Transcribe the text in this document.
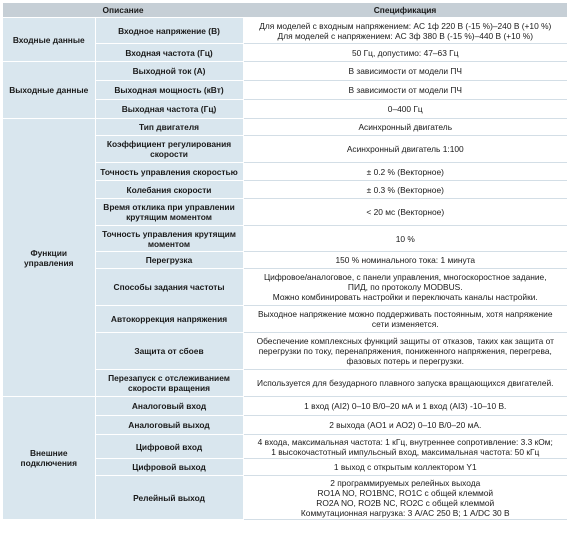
Описание		Спецификация
Входные данные	Входное напряжение (В)	Для моделей с входным напряжением: AC 1ф 220 В (-15 %)–240 В (+10 %)
Для моделей с напряжением: AC 3ф 380 В (-15 %)–440 В (+10 %)
	Входная частота (Гц)	50 Гц, допустимо: 47–63 Гц
Выходные данные	Выходной ток (А)	В зависимости от модели ПЧ
	Выходная мощность (кВт)	В зависимости от модели ПЧ
	Выходная частота (Гц)	0–400 Гц
Функции управления	Тип двигателя	Асинхронный двигатель
	Коэффициент регулирования скорости	Асинхронный двигатель 1:100
	Точность управления скоростью	± 0.2 % (Векторное)
	Колебания скорости	± 0.3 % (Векторное)
	Время отклика при управлении крутящим моментом	< 20 мс (Векторное)
	Точность управления крутящим моментом	10 %
	Перегрузка	150 % номинального тока: 1 минута
	Способы задания частоты	Цифровое/аналоговое, с панели управления, многоскоростное задание,
ПИД, по протоколу MODBUS.
Можно комбинировать настройки и переключать каналы настройки.
	Автокоррекция напряжения	Выходное напряжение можно поддерживать постоянным, хотя напряжение
сети изменяется.
	Защита от сбоев	Обеспечение комплексных функций защиты от отказов, таких как защита от
перегрузки по току, перенапряжения, пониженного напряжения, перегрева,
фазовых потерь и перегрузки.
	Перезапуск с отслеживанием скорости вращения	Используется для безударного плавного запуска вращающихся двигателей.
Внешние подключения	Аналоговый вход	1 вход (AI2) 0–10 В/0–20 мА и 1 вход (AI3) -10–10 В.
	Аналоговый выход	2 выхода (AO1 и AO2) 0–10 В/0–20 мА.
	Цифровой вход	4 входа, максимальная частота: 1 кГц, внутреннее сопротивление: 3.3 кОм;
1 высокочастотный импульсный вход, максимальная частота: 50 кГц
	Цифровой выход	1 выход с открытым коллектором Y1
	Релейный выход	2 программируемых релейных выхода
RO1A NO, RO1BNC, RO1C с общей клеммой
RO2A NO, RO2B NC, RO2C с общей клеммой
Коммутационная нагрузка: 3 A/AC 250 В; 1 A/DC 30 В
